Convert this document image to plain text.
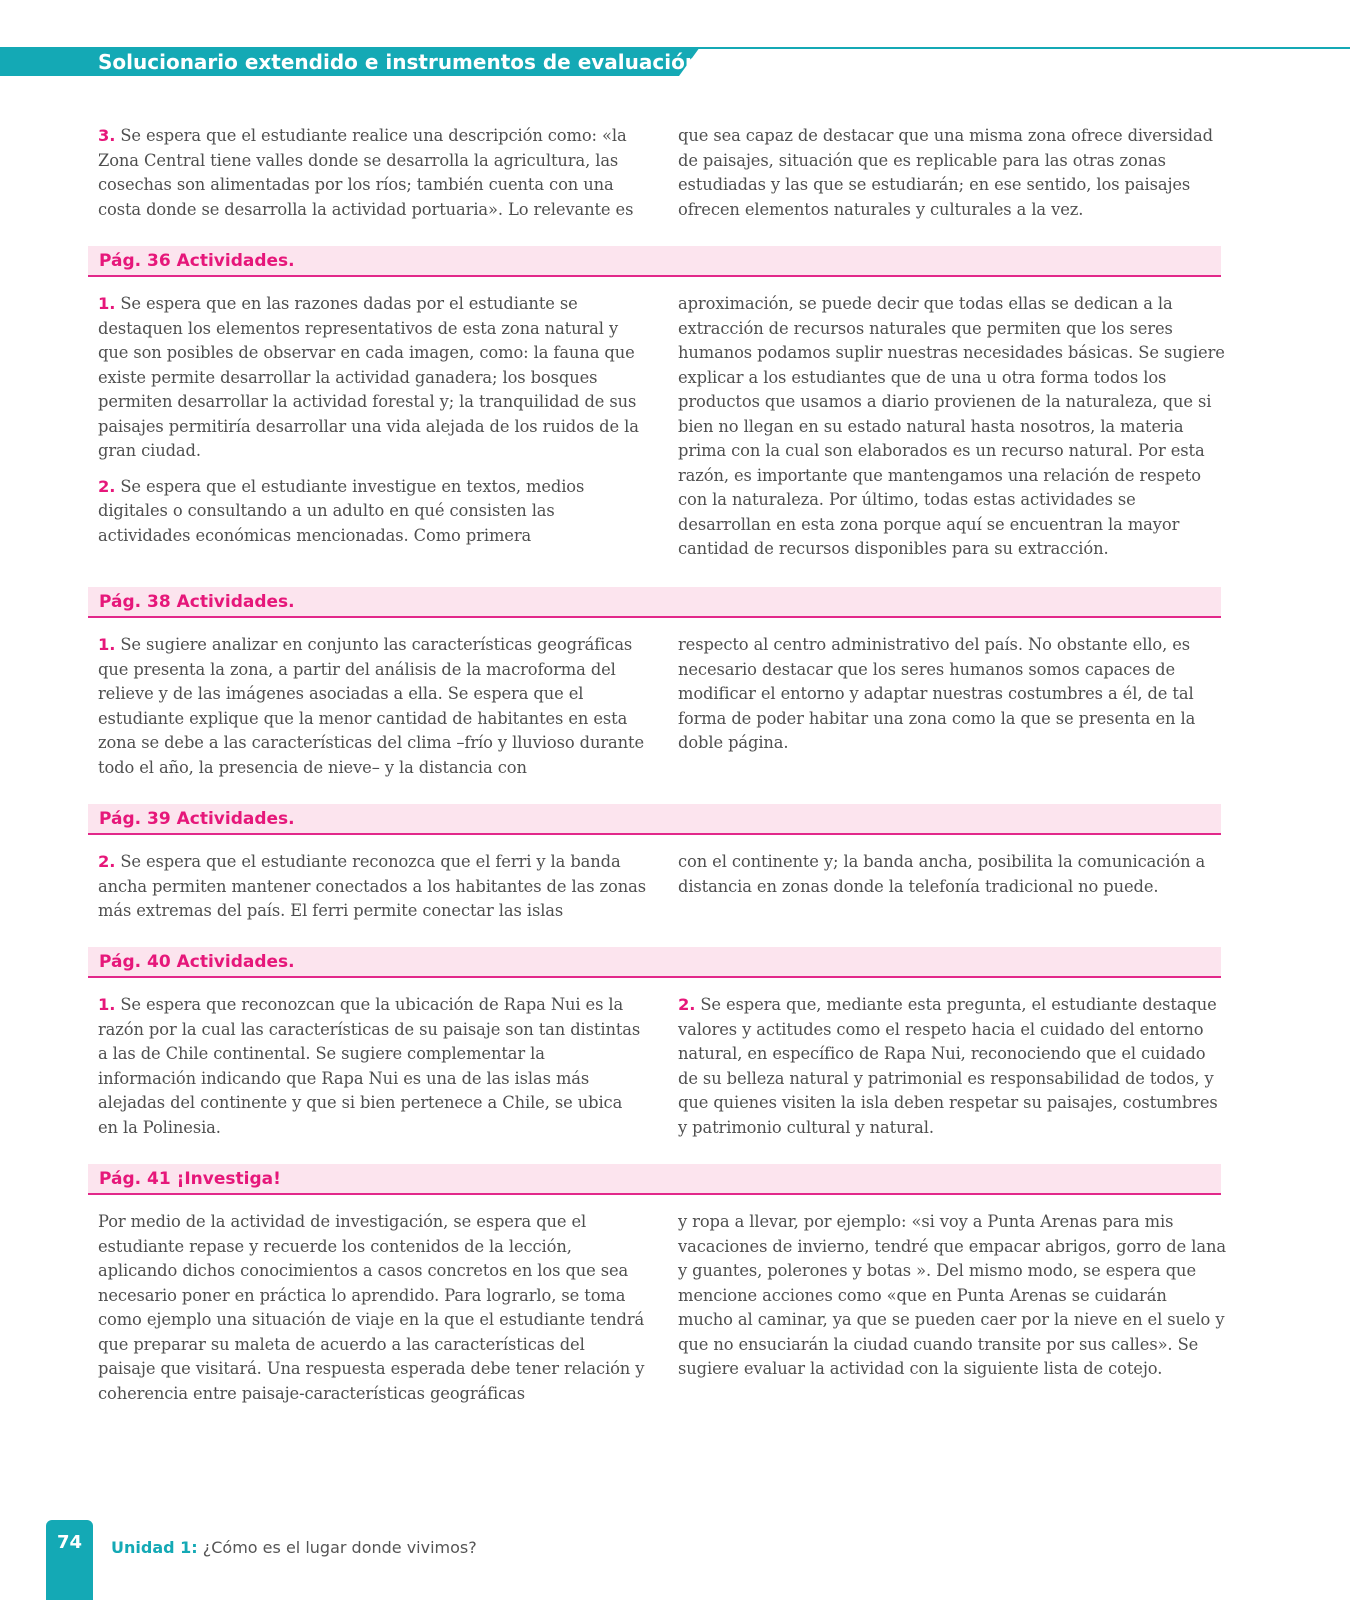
Solucionario extendido e instrumentos de evaluación

3. Se espera que el estudiante realice una descripción como: «la Zona Central tiene valles donde se desarrolla la agricultura, las cosechas son alimentadas por los ríos; también cuenta con una costa donde se desarrolla la actividad portuaria». Lo relevante es

que sea capaz de destacar que una misma zona ofrece diversidad de paisajes, situación que es replicable para las otras zonas estudiadas y las que se estudiarán; en ese sentido, los paisajes ofrecen elementos naturales y culturales a la vez.

Pág. 36 Actividades.

1. Se espera que en las razones dadas por el estudiante se destaquen los elementos representativos de esta zona natural y que son posibles de observar en cada imagen, como: la fauna que existe permite desarrollar la actividad ganadera; los bosques permiten desarrollar la actividad forestal y; la tranquilidad de sus paisajes permitiría desarrollar una vida alejada de los ruidos de la gran ciudad.

2. Se espera que el estudiante investigue en textos, medios digitales o consultando a un adulto en qué consisten las actividades económicas mencionadas. Como primera

aproximación, se puede decir que todas ellas se dedican a la extracción de recursos naturales que permiten que los seres humanos podamos suplir nuestras necesidades básicas. Se sugiere explicar a los estudiantes que de una u otra forma todos los productos que usamos a diario provienen de la naturaleza, que si bien no llegan en su estado natural hasta nosotros, la materia prima con la cual son elaborados es un recurso natural. Por esta razón, es importante que mantengamos una relación de respeto con la naturaleza. Por último, todas estas actividades se desarrollan en esta zona porque aquí se encuentran la mayor cantidad de recursos disponibles para su extracción.

Pág. 38 Actividades.

1. Se sugiere analizar en conjunto las características geográficas que presenta la zona, a partir del análisis de la macroforma del relieve y de las imágenes asociadas a ella. Se espera que el estudiante explique que la menor cantidad de habitantes en esta zona se debe a las características del clima –frío y lluvioso durante todo el año, la presencia de nieve– y la distancia con

respecto al centro administrativo del país. No obstante ello, es necesario destacar que los seres humanos somos capaces de modificar el entorno y adaptar nuestras costumbres a él, de tal forma de poder habitar una zona como la que se presenta en la doble página.

Pág. 39 Actividades.

2. Se espera que el estudiante reconozca que el ferri y la banda ancha permiten mantener conectados a los habitantes de las zonas más extremas del país. El ferri permite conectar las islas

con el continente y; la banda ancha, posibilita la comunicación a distancia en zonas donde la telefonía tradicional no puede.

Pág. 40 Actividades.

1. Se espera que reconozcan que la ubicación de Rapa Nui es la razón por la cual las características de su paisaje son tan distintas a las de Chile continental. Se sugiere complementar la información indicando que Rapa Nui es una de las islas más alejadas del continente y que si bien pertenece a Chile, se ubica en la Polinesia.

2. Se espera que, mediante esta pregunta, el estudiante destaque valores y actitudes como el respeto hacia el cuidado del entorno natural, en específico de Rapa Nui, reconociendo que el cuidado de su belleza natural y patrimonial es responsabilidad de todos, y que quienes visiten la isla deben respetar su paisajes, costumbres y patrimonio cultural y natural.

Pág. 41 ¡Investiga!

Por medio de la actividad de investigación, se espera que el estudiante repase y recuerde los contenidos de la lección, aplicando dichos conocimientos a casos concretos en los que sea necesario poner en práctica lo aprendido. Para lograrlo, se toma como ejemplo una situación de viaje en la que el estudiante tendrá que preparar su maleta de acuerdo a las características del paisaje que visitará. Una respuesta esperada debe tener relación y coherencia entre paisaje-características geográficas

y ropa a llevar, por ejemplo: «si voy a Punta Arenas para mis vacaciones de invierno, tendré que empacar abrigos, gorro de lana y guantes, polerones y botas ». Del mismo modo, se espera que mencione acciones como «que en Punta Arenas se cuidarán mucho al caminar, ya que se pueden caer por la nieve en el suelo y que no ensuciarán la ciudad cuando transite por sus calles». Se sugiere evaluar la actividad con la siguiente lista de cotejo.

74	Unidad 1: ¿Cómo es el lugar donde vivimos?
